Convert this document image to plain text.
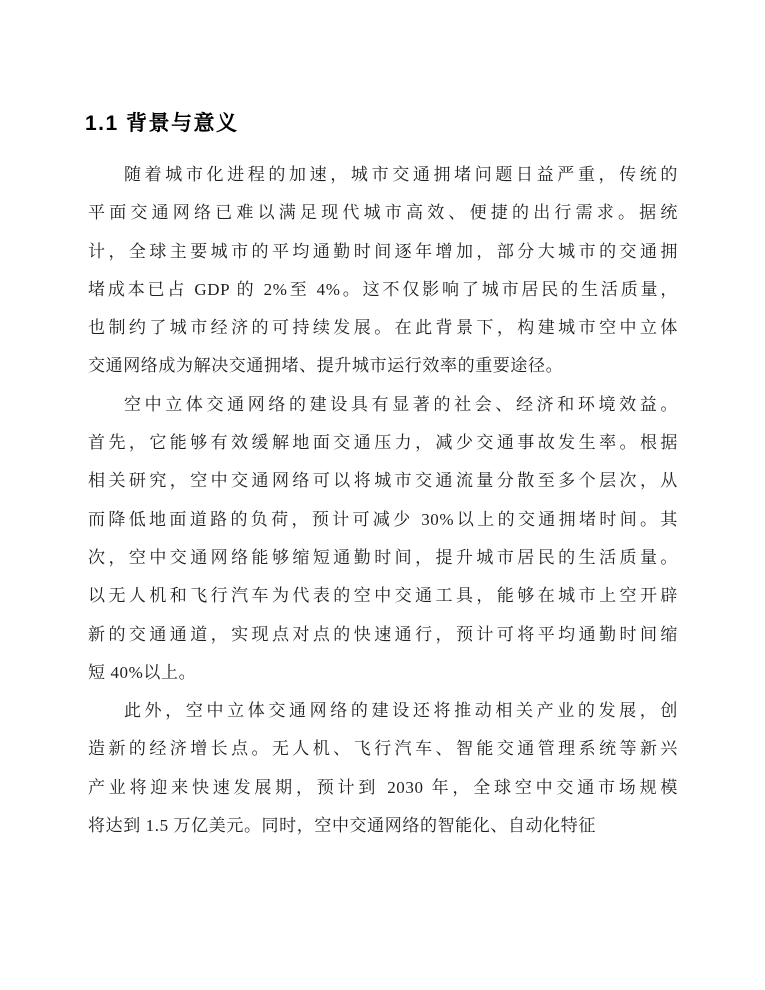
1.1 背景与意义
随着城市化进程的加速，城市交通拥堵问题日益严重，传统的
平面交通网络已难以满足现代城市高效、便捷的出行需求。据统
计，全球主要城市的平均通勤时间逐年增加，部分大城市的交通拥
堵成本已占 GDP 的 2%至 4%。这不仅影响了城市居民的生活质量，
也制约了城市经济的可持续发展。在此背景下，构建城市空中立体
交通网络成为解决交通拥堵、提升城市运行效率的重要途径。
空中立体交通网络的建设具有显著的社会、经济和环境效益。
首先，它能够有效缓解地面交通压力，减少交通事故发生率。根据
相关研究，空中交通网络可以将城市交通流量分散至多个层次，从
而降低地面道路的负荷，预计可减少 30%以上的交通拥堵时间。其
次，空中交通网络能够缩短通勤时间，提升城市居民的生活质量。
以无人机和飞行汽车为代表的空中交通工具，能够在城市上空开辟
新的交通通道，实现点对点的快速通行，预计可将平均通勤时间缩
短 40%以上。
此外，空中立体交通网络的建设还将推动相关产业的发展，创
造新的经济增长点。无人机、飞行汽车、智能交通管理系统等新兴
产业将迎来快速发展期，预计到 2030 年，全球空中交通市场规模
将达到 1.5 万亿美元。同时，空中交通网络的智能化、自动化特征
